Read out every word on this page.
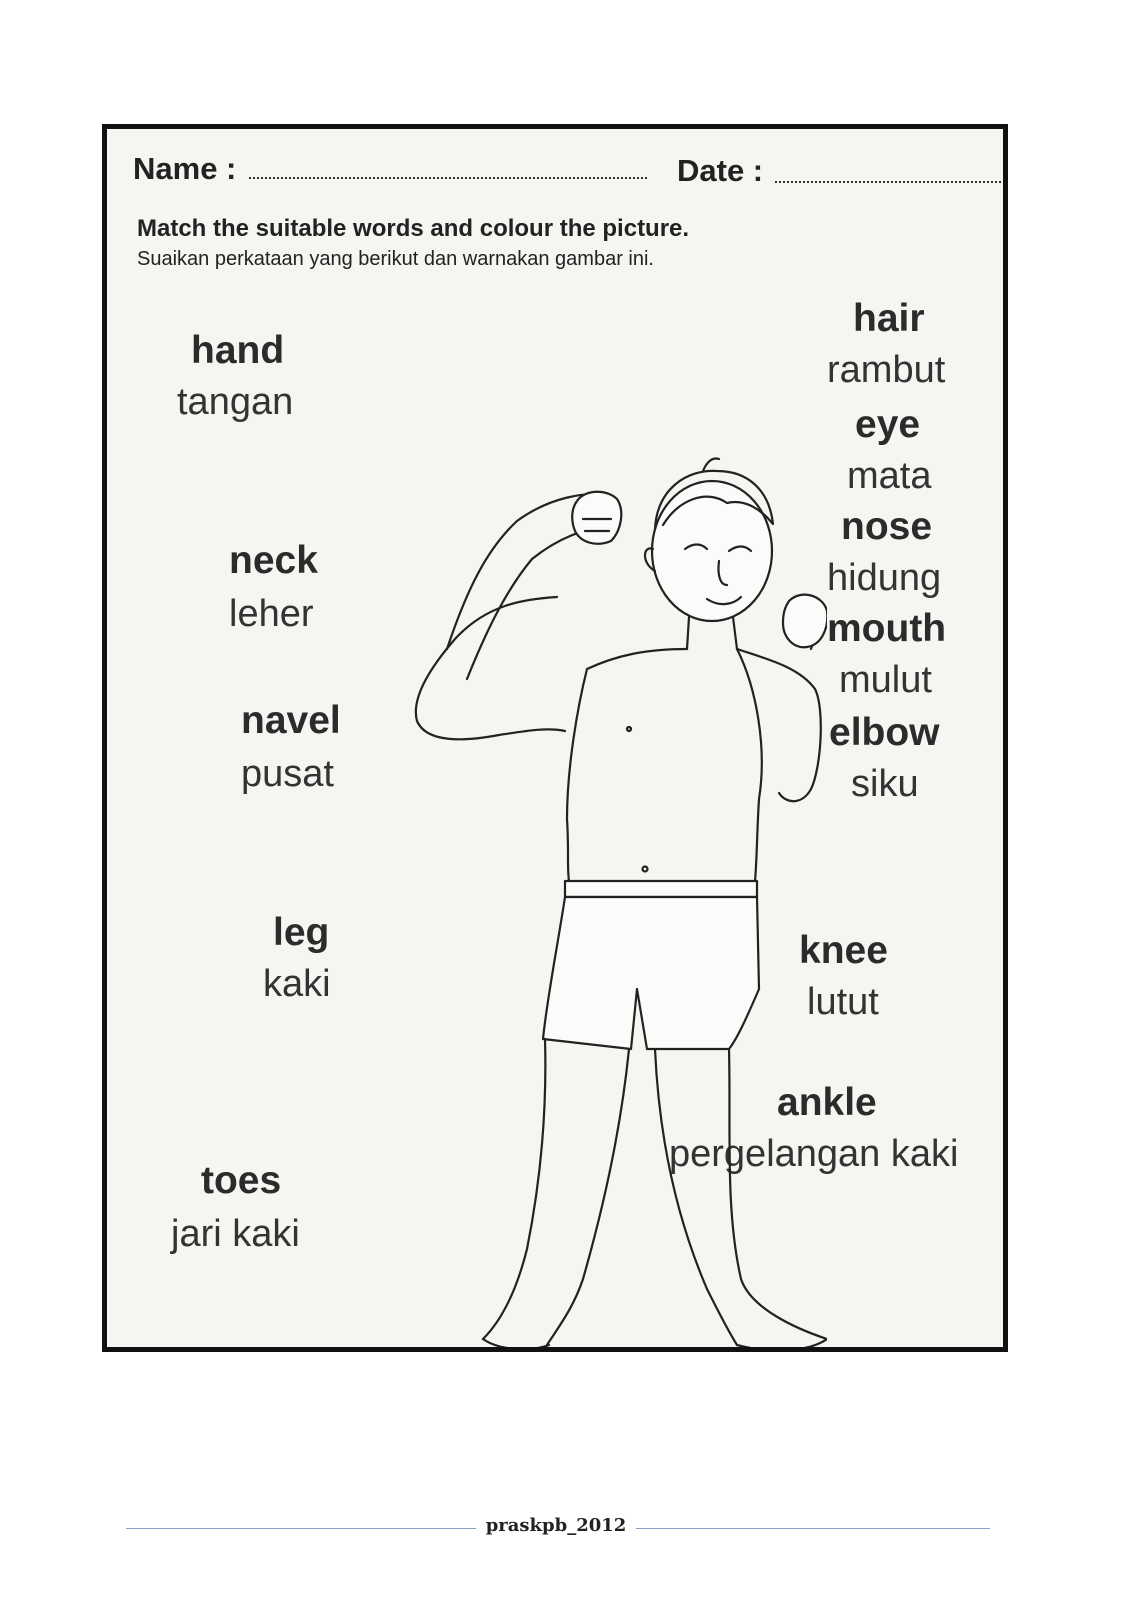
Name :	Date :
Match the suitable words and colour the picture.
Suaikan perkataan yang berikut dan warnakan gambar ini.
hand
tangan
neck
leher
navel
pusat
leg
kaki
toes
jari kaki
hair
rambut
eye
mata
nose
hidung
mouth
mulut
elbow
siku
knee
lutut
ankle
pergelangan kaki
praskpb_2012
